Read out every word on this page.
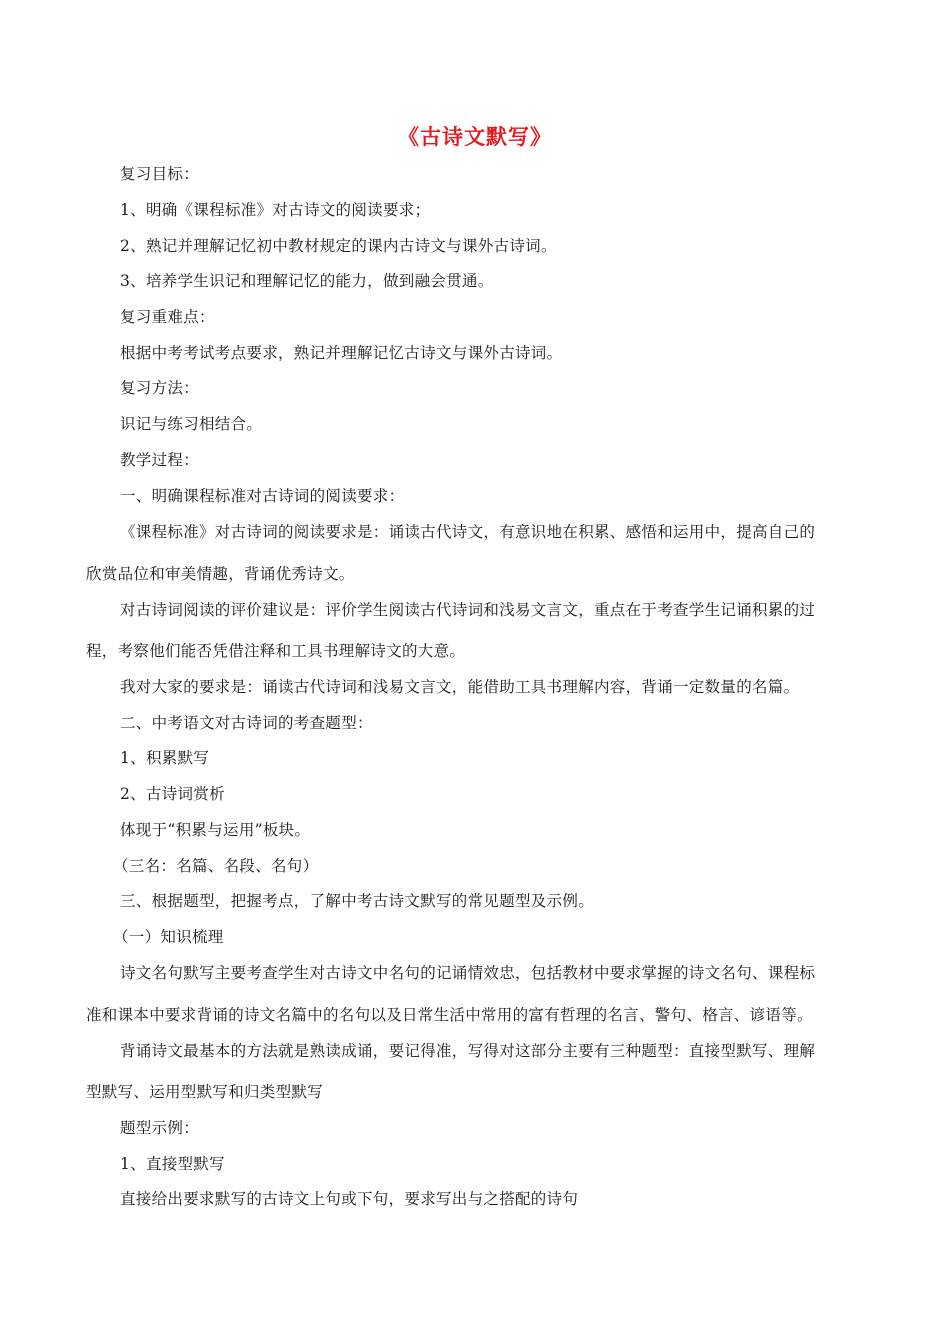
《古诗文默写》
复习目标：
1、明确《课程标准》对古诗文的阅读要求；
2、熟记并理解记忆初中教材规定的课内古诗文与课外古诗词。
3、培养学生识记和理解记忆的能力，做到融会贯通。
复习重难点：
根据中考考试考点要求，熟记并理解记忆古诗文与课外古诗词。
复习方法：
识记与练习相结合。
教学过程：
一、明确课程标准对古诗词的阅读要求：
《课程标准》对古诗词的阅读要求是：诵读古代诗文，有意识地在积累、感悟和运用中，提高自己的
欣赏品位和审美情趣，背诵优秀诗文。
对古诗词阅读的评价建议是：评价学生阅读古代诗词和浅易文言文，重点在于考查学生记诵积累的过
程，考察他们能否凭借注释和工具书理解诗文的大意。
我对大家的要求是：诵读古代诗词和浅易文言文，能借助工具书理解内容，背诵一定数量的名篇。
二、中考语文对古诗词的考查题型：
1、积累默写
2、古诗词赏析
体现于“积累与运用”板块。
（三名：名篇、名段、名句）
三、根据题型，把握考点，了解中考古诗文默写的常见题型及示例。
（一）知识梳理
诗文名句默写主要考查学生对古诗文中名句的记诵情效忠，包括教材中要求掌握的诗文名句、课程标
准和课本中要求背诵的诗文名篇中的名句以及日常生活中常用的富有哲理的名言、警句、格言、谚语等。
背诵诗文最基本的方法就是熟读成诵，要记得准，写得对这部分主要有三种题型：直接型默写、理解
型默写、运用型默写和归类型默写
题型示例：
1、直接型默写
直接给出要求默写的古诗文上句或下句，要求写出与之搭配的诗句
